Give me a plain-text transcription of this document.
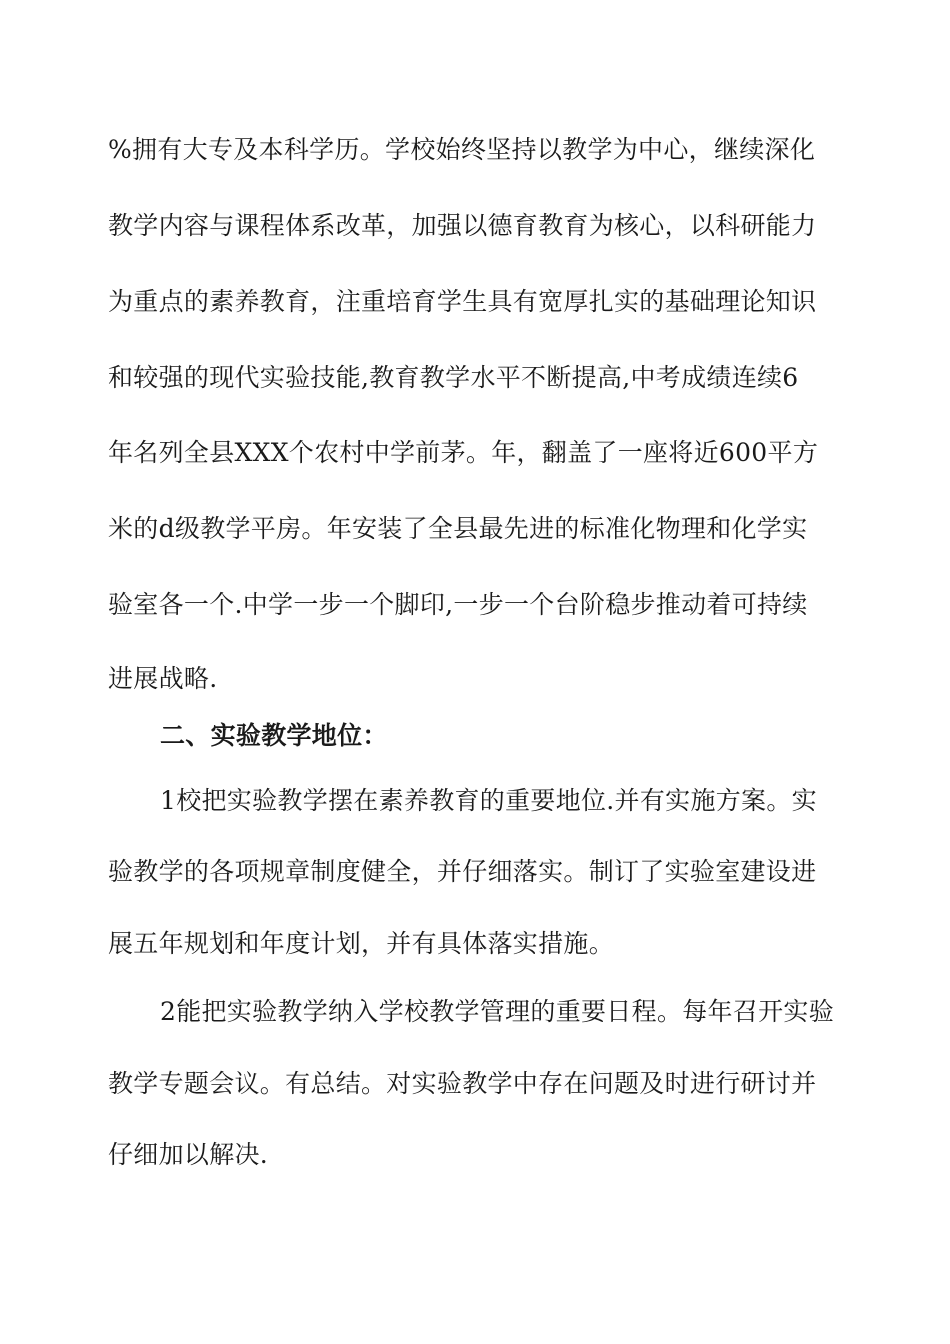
%拥有大专及本科学历。学校始终坚持以教学为中心，继续深化
教学内容与课程体系改革，加强以德育教育为核心，以科研能力
为重点的素养教育，注重培育学生具有宽厚扎实的基础理论知识
和较强的现代实验技能,教育教学水平不断提高,中考成绩连续6
年名列全县XXX个农村中学前茅。年，翻盖了一座将近600平方
米的d级教学平房。年安装了全县最先进的标准化物理和化学实
验室各一个.中学一步一个脚印,一步一个台阶稳步推动着可持续
进展战略.
二、实验教学地位：
1校把实验教学摆在素养教育的重要地位.并有实施方案。实
验教学的各项规章制度健全，并仔细落实。制订了实验室建设进
展五年规划和年度计划，并有具体落实措施。
2能把实验教学纳入学校教学管理的重要日程。每年召开实验
教学专题会议。有总结。对实验教学中存在问题及时进行研讨并
仔细加以解决.
